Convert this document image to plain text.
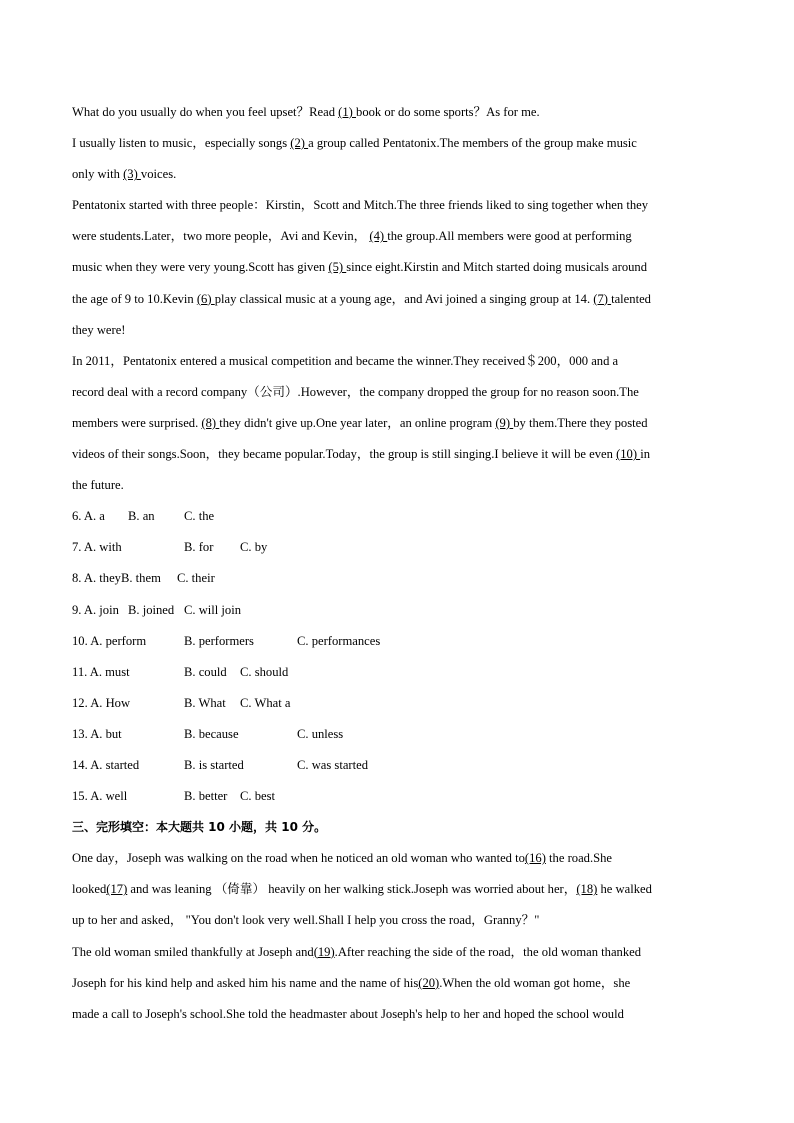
What do you usually do when you feel upset？Read (1) book or do some sports？As for me.
I usually listen to music，especially songs (2) a group called Pentatonix.The members of the group make music
only with (3) voices.
Pentatonix started with three people：Kirstin，Scott and Mitch.The three friends liked to sing together when they
were students.Later，two more people，Avi and Kevin， (4) the group.All members were good at performing
music when they were very young.Scott has given (5) since eight.Kirstin and Mitch started doing musicals around
the age of 9 to 10.Kevin (6) play classical music at a young age，and Avi joined a singing group at 14. (7) talented
they were!
In 2011，Pentatonix entered a musical competition and became the winner.They received＄200，000 and a
record deal with a record company（公司）.However，the company dropped the group for no reason soon.The
members were surprised. (8) they didn't give up.One year later，an online program (9) by them.There they posted
videos of their songs.Soon，they became popular.Today，the group is still singing.I believe it will be even (10) in
the future.
6. A. a B. an C. the
7. A. with	B. for C. by
8. A. theyB. them C. their
9. A. join B. joined C. will join
10. A. perform	B. performers	C. performances
11. A. must	B. could C. should
12. A. How	B. What C. What a
13. A. but	B. because	C. unless
14. A. started	B. is started	C. was started
15. A. well	B. better C. best
三、完形填空：本大题共 10 小题，共 10 分。
One day，Joseph was walking on the road when he noticed an old woman who wanted to(16) the road.She
looked(17) and was leaning （倚靠） heavily on her walking stick.Joseph was worried about her，(18) he walked
up to her and asked， "You don't look very well.Shall I help you cross the road，Granny？"
The old woman smiled thankfully at Joseph and(19).After reaching the side of the road，the old woman thanked
Joseph for his kind help and asked him his name and the name of his(20).When the old woman got home，she
made a call to Joseph's school.She told the headmaster about Joseph's help to her and hoped the school would
